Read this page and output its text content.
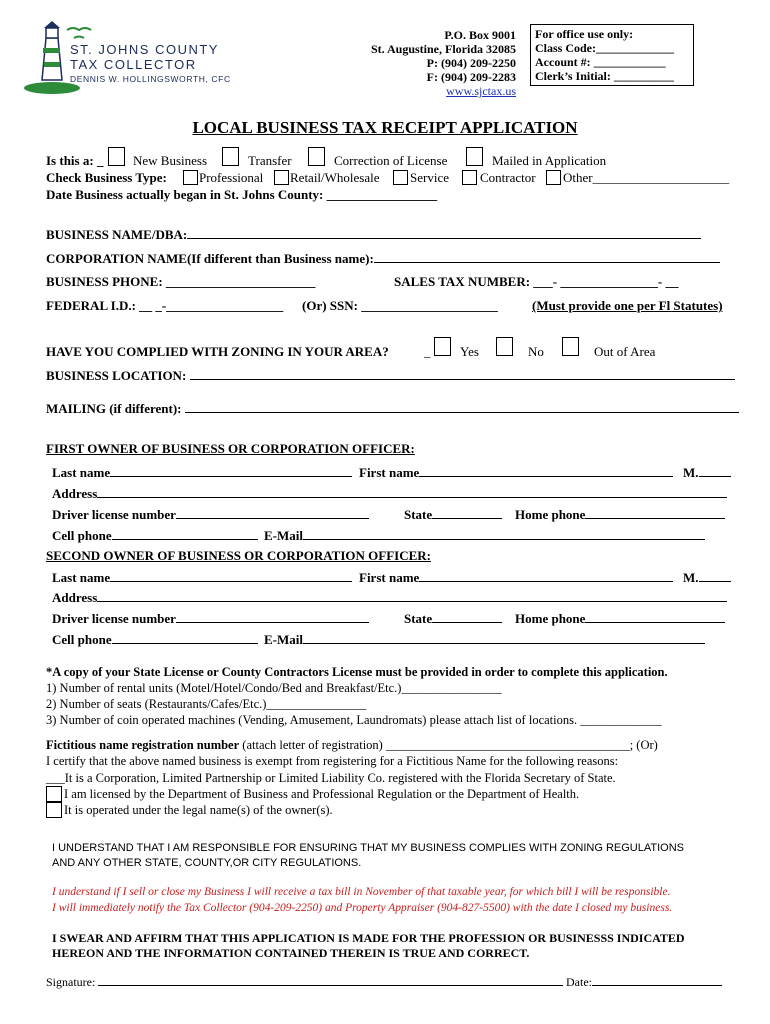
ST. JOHNS COUNTY
TAX COLLECTOR
DENNIS W. HOLLINGSWORTH, CFC
P.O. Box 9001
St. Augustine, Florida 32085
P: (904) 209-2250
F: (904) 209-2283
www.sjctax.us
For office use only:
Class Code:_____________
Account #: ____________
Clerk’s Initial: __________
LOCAL BUSINESS TAX RECEIPT APPLICATION
Is this a: _ New Business	Transfer	Correction of License	Mailed in Application
Check Business Type: Professional Retail/Wholesale Service Contractor Other_____________________
Date Business actually began in St. Johns County: _________________
BUSINESS NAME/DBA:
CORPORATION NAME(If different than Business name):
BUSINESS PHONE: _______________________	SALES TAX NUMBER: ___- _______________- __
FEDERAL I.D.: __ _-__________________ (Or) SSN: _____________________	(Must provide one per Fl Statutes)
HAVE YOU COMPLIED WITH ZONING IN YOUR AREA?	_ Yes	No	Out of Area
BUSINESS LOCATION:
MAILING (if different):
FIRST OWNER OF BUSINESS OR CORPORATION OFFICER:
Last name	First name	M.
Address
Driver license number	State	Home phone
Cell phone	E-Mail
SECOND OWNER OF BUSINESS OR CORPORATION OFFICER:
Last name	First name	M.
Address
Driver license number	State	Home phone
Cell phone	E-Mail
*A copy of your State License or County Contractors License must be provided in order to complete this application.
1) Number of rental units (Motel/Hotel/Condo/Bed and Breakfast/Etc.)________________
2) Number of seats (Restaurants/Cafes/Etc.)________________
3) Number of coin operated machines (Vending, Amusement, Laundromats) please attach list of locations. _____________
Fictitious name registration number (attach letter of registration) _______________________________________; (Or)
I certify that the above named business is exempt from registering for a Fictitious Name for the following reasons:
___It is a Corporation, Limited Partnership or Limited Liability Co. registered with the Florida Secretary of State.
I am licensed by the Department of Business and Professional Regulation or the Department of Health.
It is operated under the legal name(s) of the owner(s).
I UNDERSTAND THAT I AM RESPONSIBLE FOR ENSURING THAT MY BUSINESS COMPLIES WITH ZONING REGULATIONS
AND ANY OTHER STATE, COUNTY,OR CITY REGULATIONS.
I understand if I sell or close my Business I will receive a tax bill in November of that taxable year, for which bill I will be responsible.
I will immediately notify the Tax Collector (904-209-2250) and Property Appraiser (904-827-5500) with the date I closed my business.
I SWEAR AND AFFIRM THAT THIS APPLICATION IS MADE FOR THE PROFESSION OR BUSINESSS INDICATED
HEREON AND THE INFORMATION CONTAINED THEREIN IS TRUE AND CORRECT.
Signature:	Date:
